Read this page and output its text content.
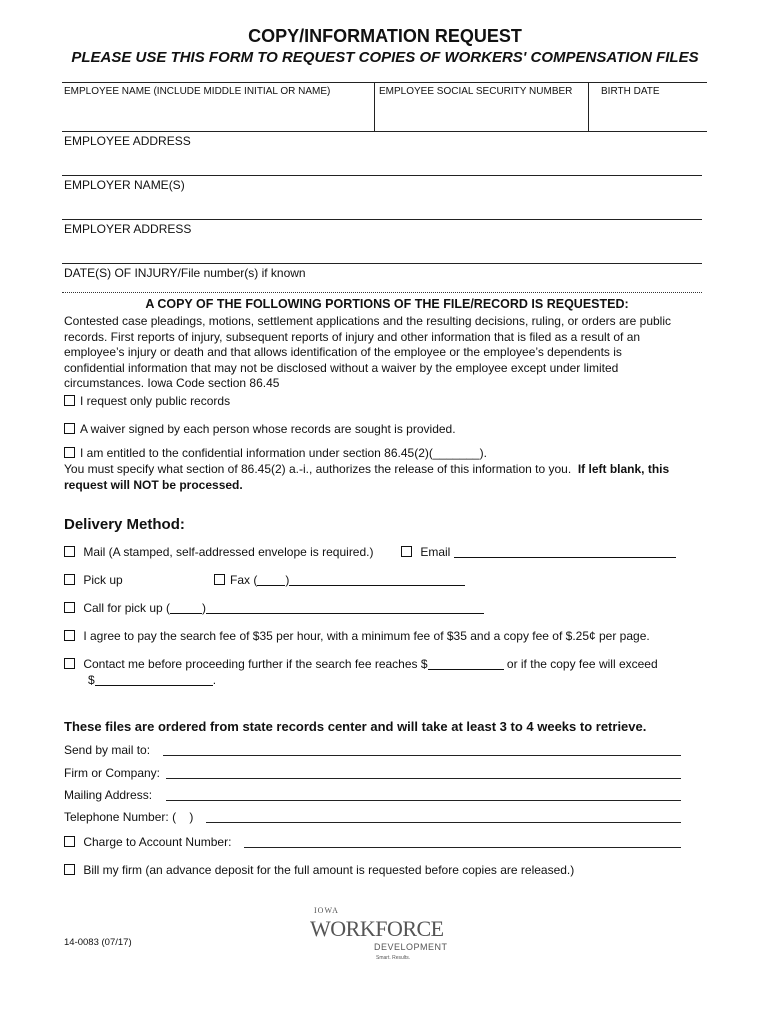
COPY/INFORMATION REQUEST
PLEASE USE THIS FORM TO REQUEST COPIES OF WORKERS' COMPENSATION FILES
EMPLOYEE NAME (INCLUDE MIDDLE INITIAL OR NAME)	EMPLOYEE SOCIAL SECURITY NUMBER	BIRTH DATE
EMPLOYEE ADDRESS
EMPLOYER NAME(S)
EMPLOYER ADDRESS
DATE(S) OF INJURY/File number(s) if known
A COPY OF THE FOLLOWING PORTIONS OF THE FILE/RECORD IS REQUESTED:
Contested case pleadings, motions, settlement applications and the resulting decisions, ruling, or orders are public
records. First reports of injury, subsequent reports of injury and other information that is filed as a result of an
employee’s injury or death and that allows identification of the employee or the employee’s dependents is
confidential information that may not be disclosed without a waiver by the employee except under limited
circumstances. Iowa Code section 86.45
I request only public records
A waiver signed by each person whose records are sought is provided.
I am entitled to the confidential information under section 86.45(2)(_______).
You must specify what section of 86.45(2) a.-i., authorizes the release of this information to you. If left blank, this
request will NOT be processed.
Delivery Method:
Mail (A stamped, self-addressed envelope is required.)	Email
Pick up	Fax ( )
Call for pick up (	)
I agree to pay the search fee of $35 per hour, with a minimum fee of $35 and a copy fee of $.25¢ per page.
Contact me before proceeding further if the search fee reaches $	or if the copy fee will exceed
$	.
These files are ordered from state records center and will take at least 3 to 4 weeks to retrieve.
Send by mail to:
Firm or Company:
Mailing Address:
Telephone Number: ( )
Charge to Account Number:
Bill my firm (an advance deposit for the full amount is requested before copies are released.)
14-0083 (07/17)
IOWA
WORKFORCE
DEVELOPMENT
Smart. Results.
